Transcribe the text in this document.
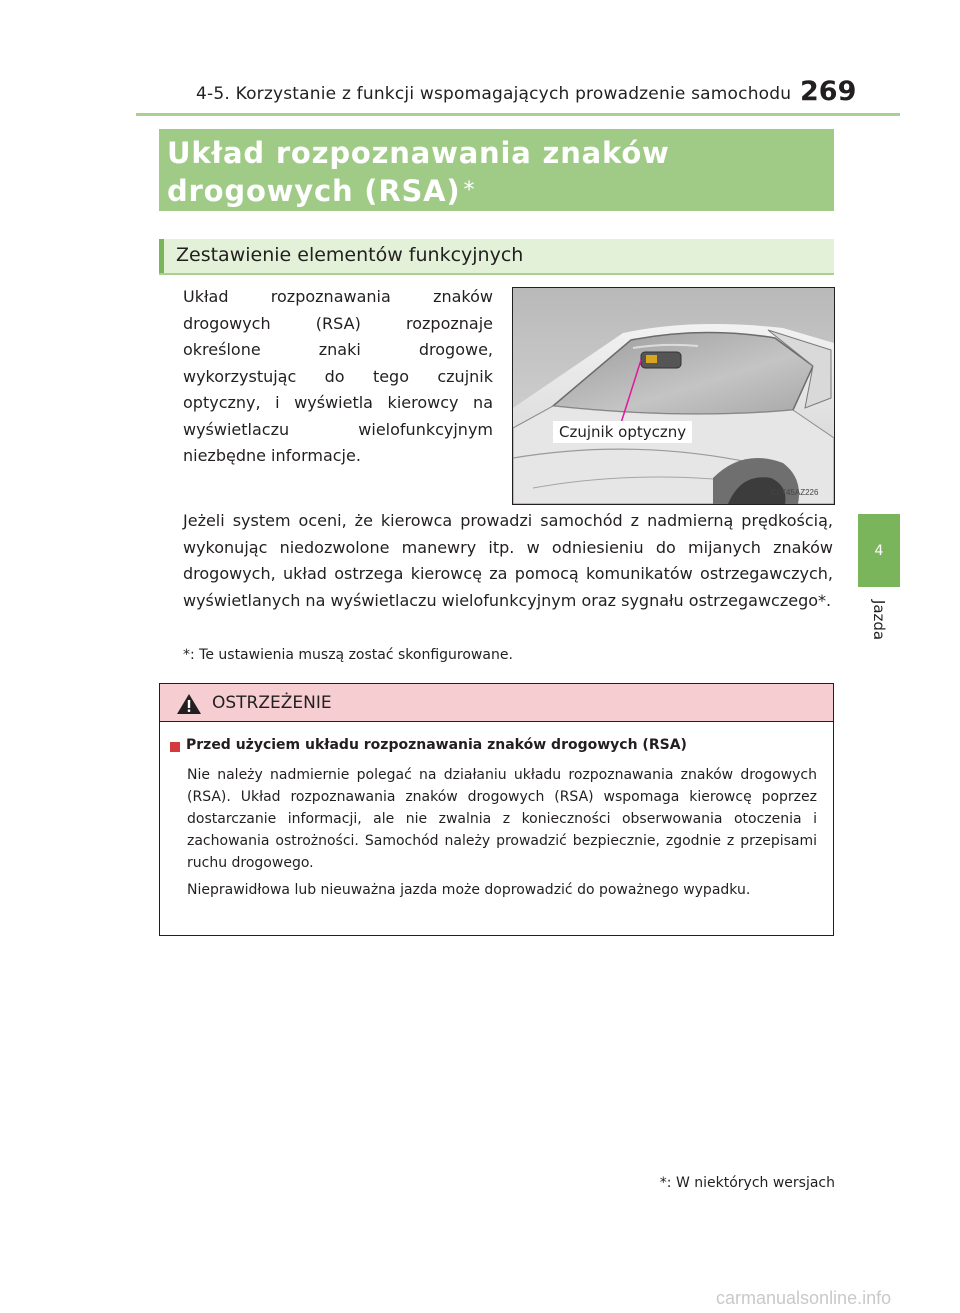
4-5. Korzystanie z funkcji wspomagających prowadzenie samochodu 269
4
Jazda
Układ rozpoznawania znaków drogowych (RSA) *
Zestawienie elementów funkcyjnych
Układ rozpoznawania znaków drogowych (RSA) rozpoznaje określone znaki drogowe, wykorzystując do tego czujnik optyczny, i wyświetla kierowcy na wyświetlaczu wielofunkcyjnym niezbędne informacje.
Czujnik optyczny
CLY45AZ226
Jeżeli system oceni, że kierowca prowadzi samochód z nadmierną prędkością, wykonując niedozwolone manewry itp. w odniesieniu do mijanych znaków drogowych, układ ostrzega kierowcę za pomocą komunikatów ostrzegawczych, wyświetlanych na wyświetlaczu wielofunkcyjnym oraz sygnału ostrzegawczego*.
*: Te ustawienia muszą zostać skonfigurowane.
OSTRZEŻENIE
Przed użyciem układu rozpoznawania znaków drogowych (RSA)
Nie należy nadmiernie polegać na działaniu układu rozpoznawania znaków drogowych (RSA). Układ rozpoznawania znaków drogowych (RSA) wspomaga kierowcę poprzez dostarczanie informacji, ale nie zwalnia z konieczności obserwowania otoczenia i zachowania ostrożności. Samochód należy prowadzić bezpiecznie, zgodnie z przepisami ruchu drogowego.
Nieprawidłowa lub nieuważna jazda może doprowadzić do poważnego wypadku.
*: W niektórych wersjach
carmanualsonline.info
